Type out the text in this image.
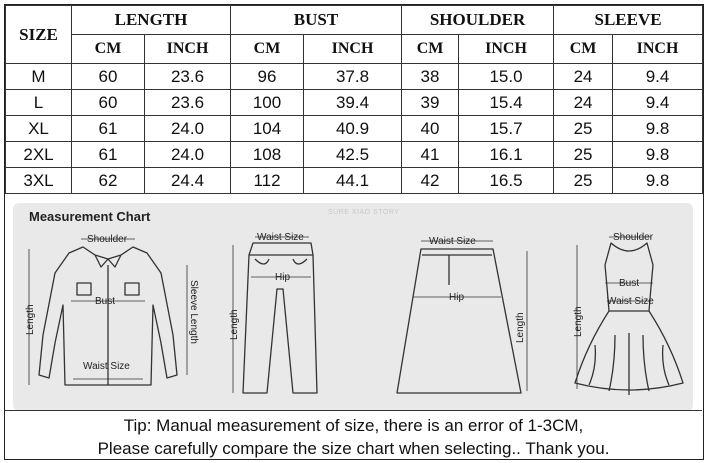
SIZE	LENGTH		BUST		SHOULDER		SLEEVE	
	CM	INCH	CM	INCH	CM	INCH	CM	INCH
M	60	23.6	96	37.8	38	15.0	24	9.4
L	60	23.6	100	39.4	39	15.4	24	9.4
XL	61	24.0	104	40.9	40	15.7	25	9.8
2XL	61	24.0	108	42.5	41	16.1	25	9.8
3XL	62	24.4	112	44.1	42	16.5	25	9.8
Measurement Chart	SURE XIAO STORY
Shoulder
Bust
Waist Size
Length	Sleeve Length
Waist Size
Hip
Length
Waist Size
Hip
Length
Shoulder
Bust
Waist Size
Length
Tip: Manual measurement of size, there is an error of 1-3CM,
Please carefully compare the size chart when selecting.. Thank you.
